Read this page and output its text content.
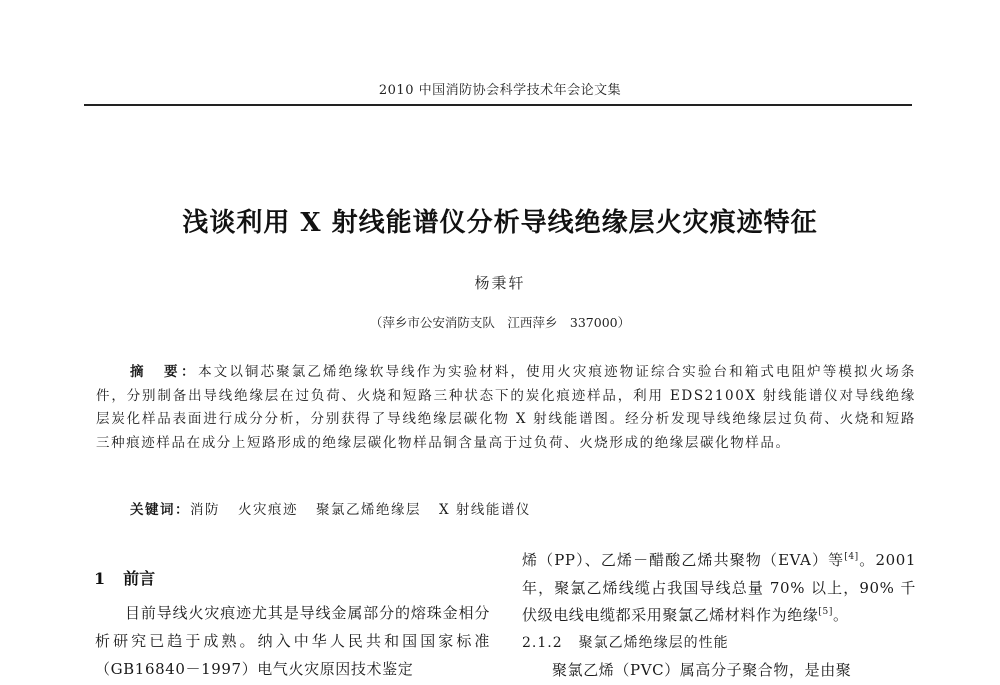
2010 中国消防协会科学技术年会论文集
浅谈利用 X 射线能谱仪分析导线绝缘层火灾痕迹特征
杨秉轩
（萍乡市公安消防支队　江西萍乡　337000）

摘　要：本文以铜芯聚氯乙烯绝缘软导线作为实验材料，使用火灾痕迹物证综合实验台和箱式电阻炉等模拟火场条件，分别制备出导线绝缘层在过负荷、火烧和短路三种状态下的炭化痕迹样品，利用 EDS2100X 射线能谱仪对导线绝缘层炭化样品表面进行成分分析，分别获得了导线绝缘层碳化物 X 射线能谱图。经分析发现导线绝缘层过负荷、火烧和短路三种痕迹样品在成分上短路形成的绝缘层碳化物样品铜含量高于过负荷、火烧形成的绝缘层碳化物样品。

关键词：消防 火灾痕迹 聚氯乙烯绝缘层 X 射线能谱仪
1 前言

目前导线火灾痕迹尤其是导线金属部分的熔珠金相分析研究已趋于成熟。纳入中华人民共和国国家标准（GB16840－1997）电气火灾原因技术鉴定

烯（PP）、乙烯－醋酸乙烯共聚物（EVA）等[4]。2001 年，聚氯乙烯线缆占我国导线总量 70% 以上，90% 千伏级电线电缆都采用聚氯乙烯材料作为绝缘[5]。

2.1.2 聚氯乙烯绝缘层的性能

聚氯乙烯（PVC）属高分子聚合物，是由聚
